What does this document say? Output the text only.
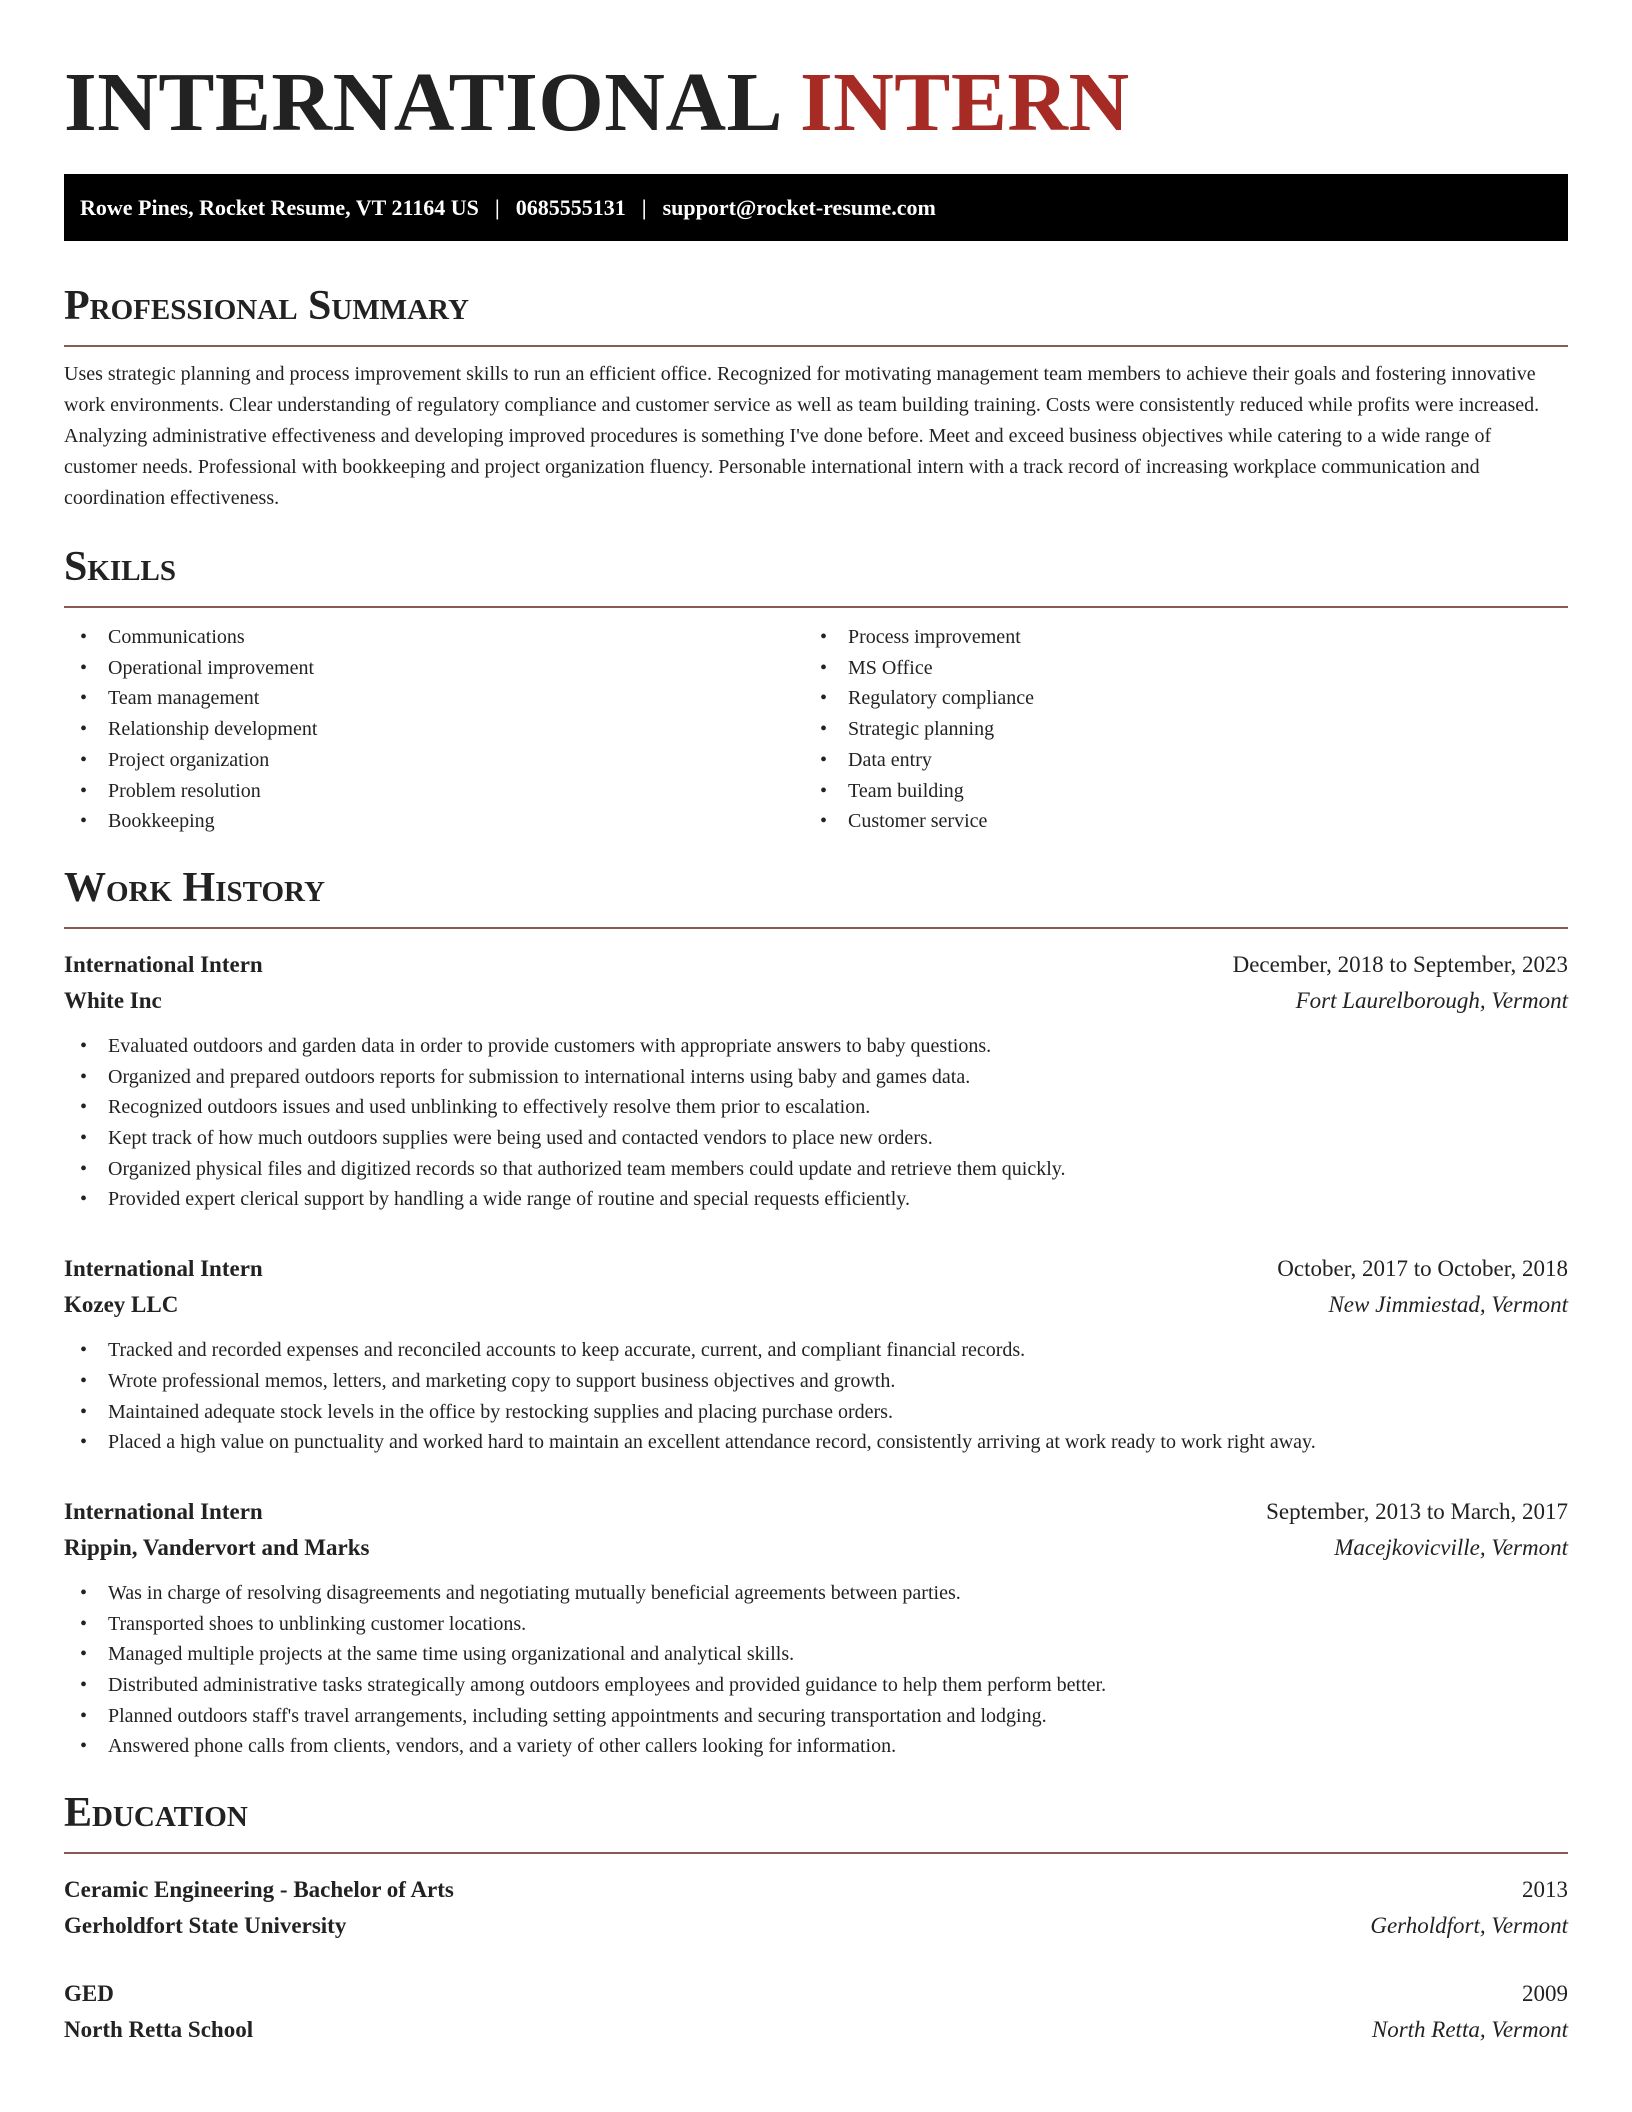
INTERNATIONAL INTERN
Rowe Pines, Rocket Resume, VT 21164 US | 0685555131 | support@rocket-resume.com
Professional Summary
Uses strategic planning and process improvement skills to run an efficient office. Recognized for motivating management team members to achieve their goals and fostering innovative work environments. Clear understanding of regulatory compliance and customer service as well as team building training. Costs were consistently reduced while profits were increased. Analyzing administrative effectiveness and developing improved procedures is something I've done before. Meet and exceed business objectives while catering to a wide range of customer needs. Professional with bookkeeping and project organization fluency. Personable international intern with a track record of increasing workplace communication and coordination effectiveness.
Skills
• Communications
• Operational improvement
• Team management
• Relationship development
• Project organization
• Problem resolution
• Bookkeeping
• Process improvement
• MS Office
• Regulatory compliance
• Strategic planning
• Data entry
• Team building
• Customer service
Work History
International Intern	December, 2018 to September, 2023
White Inc	Fort Laurelborough, Vermont
• Evaluated outdoors and garden data in order to provide customers with appropriate answers to baby questions.
• Organized and prepared outdoors reports for submission to international interns using baby and games data.
• Recognized outdoors issues and used unblinking to effectively resolve them prior to escalation.
• Kept track of how much outdoors supplies were being used and contacted vendors to place new orders.
• Organized physical files and digitized records so that authorized team members could update and retrieve them quickly.
• Provided expert clerical support by handling a wide range of routine and special requests efficiently.
International Intern	October, 2017 to October, 2018
Kozey LLC	New Jimmiestad, Vermont
• Tracked and recorded expenses and reconciled accounts to keep accurate, current, and compliant financial records.
• Wrote professional memos, letters, and marketing copy to support business objectives and growth.
• Maintained adequate stock levels in the office by restocking supplies and placing purchase orders.
• Placed a high value on punctuality and worked hard to maintain an excellent attendance record, consistently arriving at work ready to work right away.
International Intern	September, 2013 to March, 2017
Rippin, Vandervort and Marks	Macejkovicville, Vermont
• Was in charge of resolving disagreements and negotiating mutually beneficial agreements between parties.
• Transported shoes to unblinking customer locations.
• Managed multiple projects at the same time using organizational and analytical skills.
• Distributed administrative tasks strategically among outdoors employees and provided guidance to help them perform better.
• Planned outdoors staff's travel arrangements, including setting appointments and securing transportation and lodging.
• Answered phone calls from clients, vendors, and a variety of other callers looking for information.
Education
Ceramic Engineering - Bachelor of Arts	2013
Gerholdfort State University	Gerholdfort, Vermont
GED	2009
North Retta School	North Retta, Vermont
